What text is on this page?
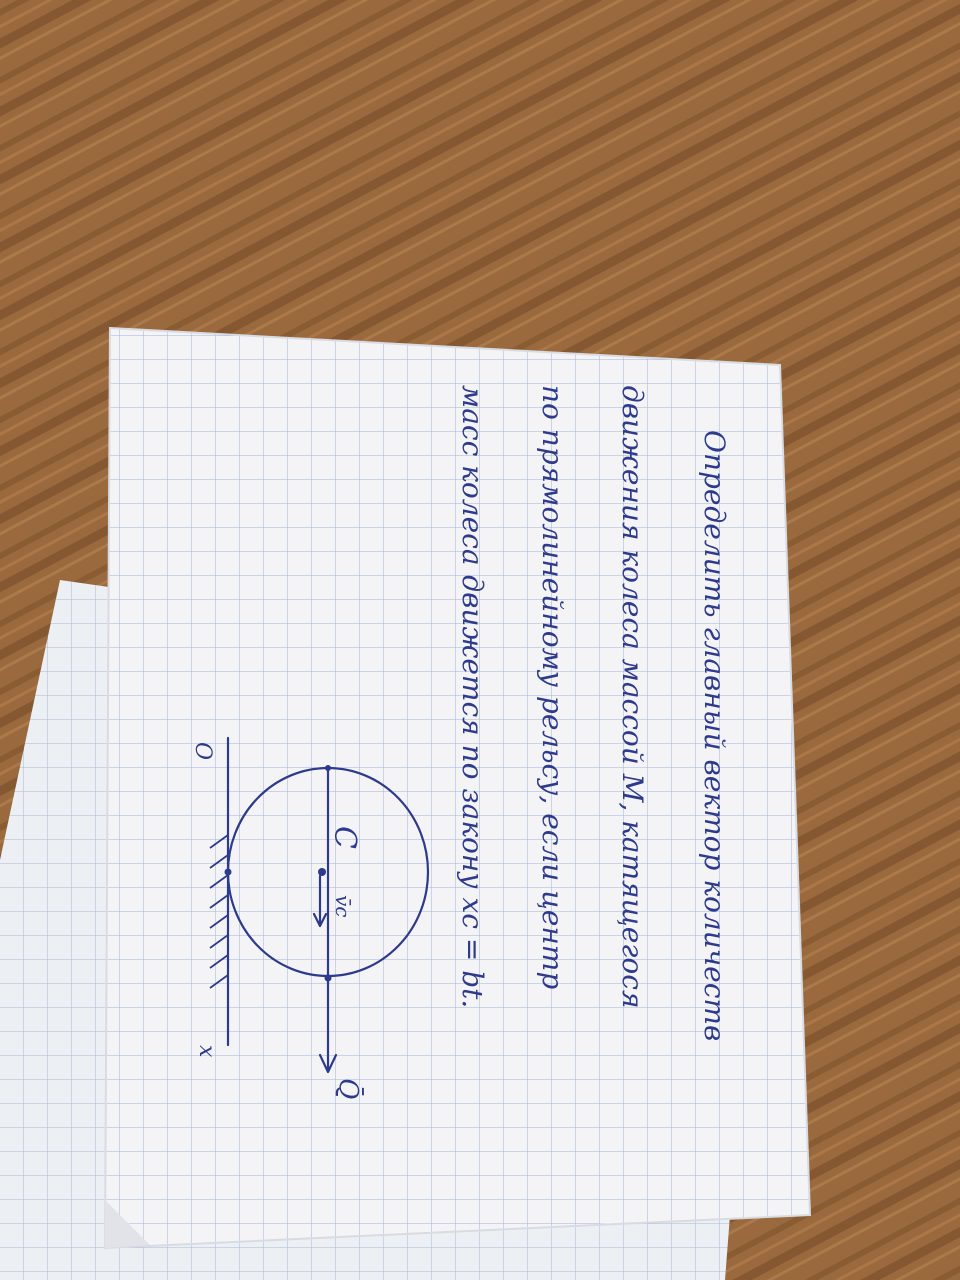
Определить главный вектор количеств
движения колеса массой M, катящегося
по прямолинейному рельсу, если центр
масс колеса движется по закону xc = bt.
O
x
C
v̄c
Q̄
